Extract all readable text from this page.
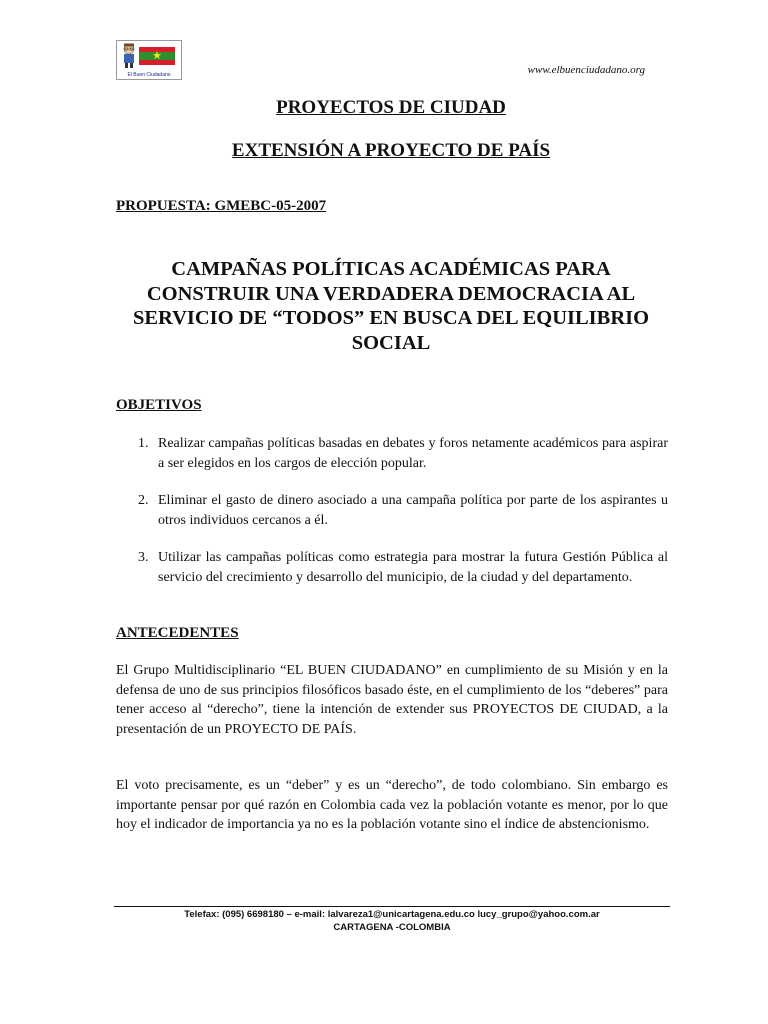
★
El Buen Ciudadano	www.elbuenciudadano.org
PROYECTOS DE CIUDAD
EXTENSIÓN A PROYECTO DE PAÍS
PROPUESTA: GMEBC-05-2007
CAMPAÑAS POLÍTICAS ACADÉMICAS PARA CONSTRUIR UNA VERDADERA DEMOCRACIA AL SERVICIO DE “TODOS” EN BUSCA DEL EQUILIBRIO SOCIAL
OBJETIVOS
1. Realizar campañas políticas basadas en debates y foros netamente académicos para aspirar a ser elegidos en los cargos de elección popular.
2. Eliminar el gasto de dinero asociado a una campaña política por parte de los aspirantes u otros individuos cercanos a él.
3. Utilizar las campañas políticas como estrategia para mostrar la futura Gestión Pública al servicio del crecimiento y desarrollo del municipio, de la ciudad y del departamento.
ANTECEDENTES
El Grupo Multidisciplinario “EL BUEN CIUDADANO” en cumplimiento de su Misión y en la defensa de uno de sus principios filosóficos basado éste, en el cumplimiento de los “deberes” para tener acceso al “derecho”, tiene la intención de extender sus PROYECTOS DE CIUDAD, a la presentación de un PROYECTO DE PAÍS.
El voto precisamente, es un “deber” y es un “derecho”, de todo colombiano. Sin embargo es importante pensar por qué razón en Colombia cada vez la población votante es menor, por lo que hoy el indicador de importancia ya no es la población votante sino el índice de abstencionismo.
Telefax: (095) 6698180 – e-mail: lalvareza1@unicartagena.edu.co lucy_grupo@yahoo.com.ar
CARTAGENA -COLOMBIA
